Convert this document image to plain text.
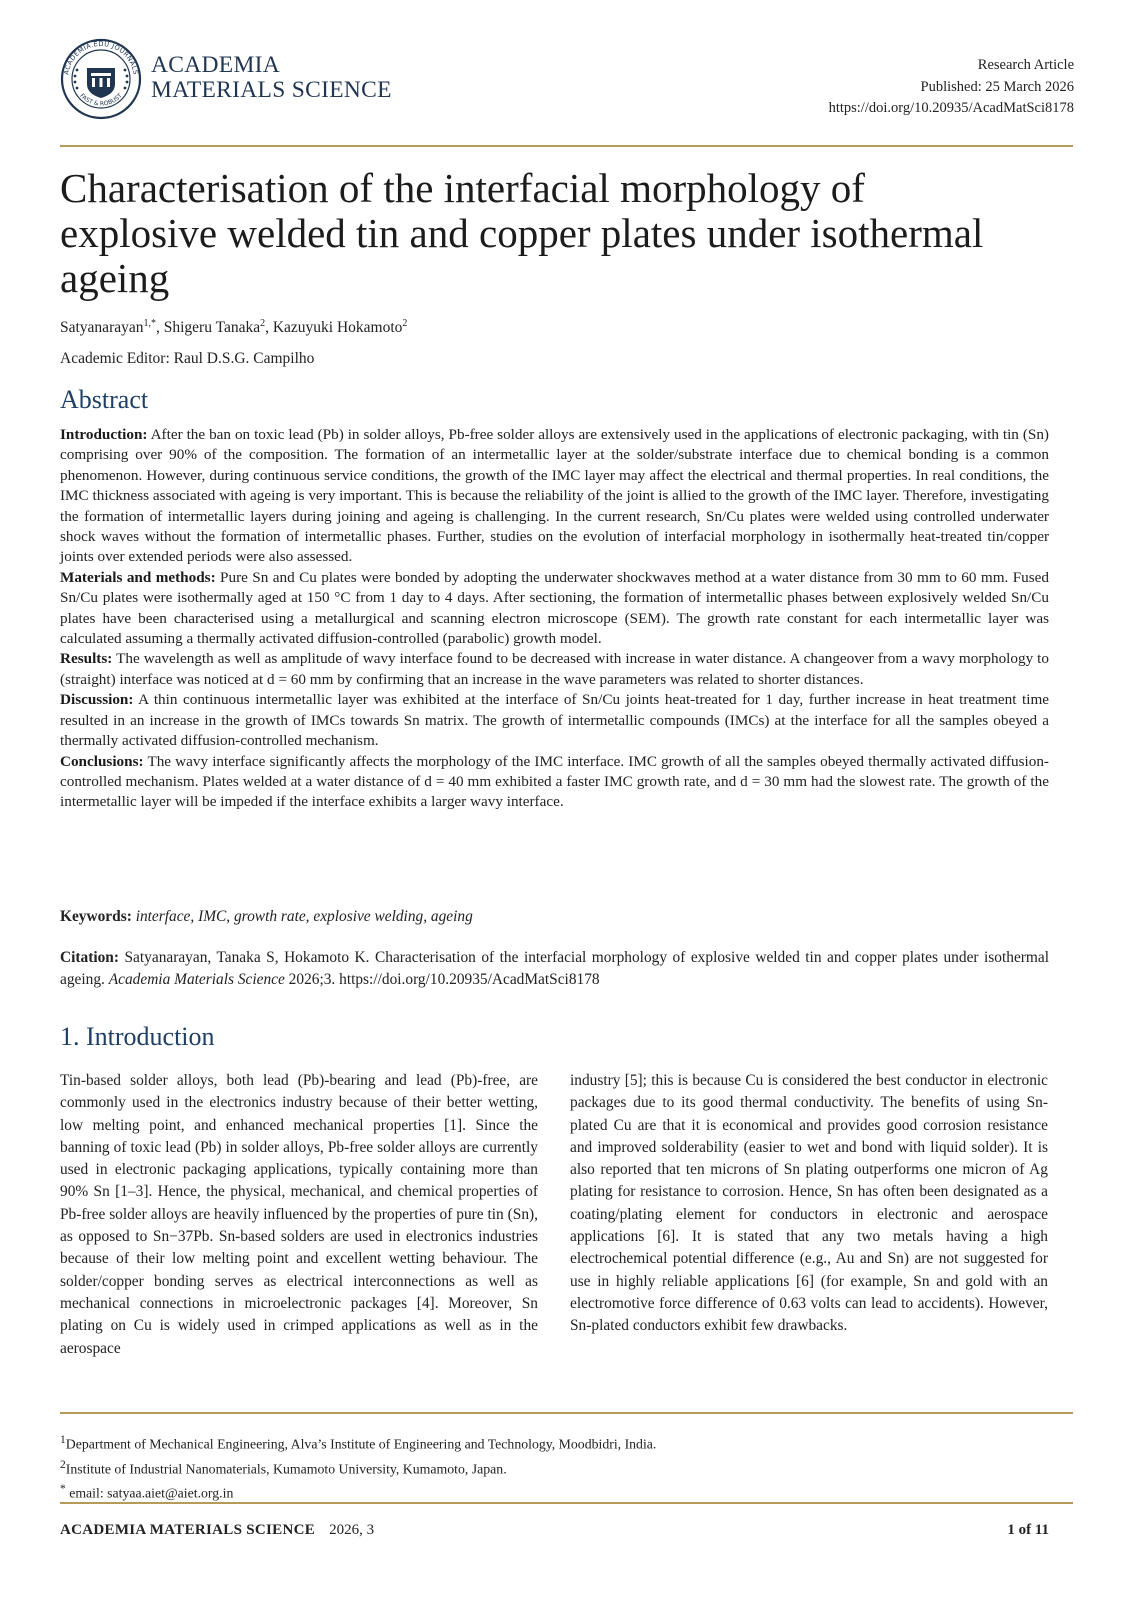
ACADEMIA.EDU JOURNALS
FAST & ROBUST
ACADEMIA
MATERIALS SCIENCE
Research Article
Published: 25 March 2026
https://doi.org/10.20935/AcadMatSci8178
Characterisation of the interfacial morphology of explosive welded tin and copper plates under isothermal ageing
Satyanarayan$^{1,*}$, Shigeru Tanaka$^2$, Kazuyuki Hokamoto$^2$
Academic Editor: Raul D.S.G. Campilho
Abstract

Introduction: After the ban on toxic lead (Pb) in solder alloys, Pb-free solder alloys are extensively used in the applications of electronic packaging, with tin (Sn) comprising over 90% of the composition. The formation of an intermetallic layer at the solder/substrate interface due to chemical bonding is a common phenomenon. However, during continuous service conditions, the growth of the IMC layer may affect the electrical and thermal properties. In real conditions, the IMC thickness associated with ageing is very important. This is because the reliability of the joint is allied to the growth of the IMC layer. Therefore, investigating the formation of intermetallic layers during joining and ageing is challenging. In the current research, Sn/Cu plates were welded using controlled underwater shock waves without the formation of intermetallic phases. Further, studies on the evolution of interfacial morphology in isothermally heat-treated tin/copper joints over extended periods were also assessed.

Materials and methods: Pure Sn and Cu plates were bonded by adopting the underwater shockwaves method at a water distance from 30 mm to 60 mm. Fused Sn/Cu plates were isothermally aged at 150 °C from 1 day to 4 days. After sectioning, the formation of intermetallic phases between explosively welded Sn/Cu plates have been characterised using a metallurgical and scanning electron microscope (SEM). The growth rate constant for each intermetallic layer was calculated assuming a thermally activated diffusion-controlled (parabolic) growth model.

Results: The wavelength as well as amplitude of wavy interface found to be decreased with increase in water distance. A changeover from a wavy morphology to (straight) interface was noticed at d = 60 mm by confirming that an increase in the wave parameters was related to shorter distances.

Discussion: A thin continuous intermetallic layer was exhibited at the interface of Sn/Cu joints heat-treated for 1 day, further increase in heat treatment time resulted in an increase in the growth of IMCs towards Sn matrix. The growth of intermetallic compounds (IMCs) at the interface for all the samples obeyed a thermally activated diffusion-controlled mechanism.

Conclusions: The wavy interface significantly affects the morphology of the IMC interface. IMC growth of all the samples obeyed thermally activated diffusion-controlled mechanism. Plates welded at a water distance of d = 40 mm exhibited a faster IMC growth rate, and d = 30 mm had the slowest rate. The growth of the intermetallic layer will be impeded if the interface exhibits a larger wavy interface.

Keywords: interface, IMC, growth rate, explosive welding, ageing
Citation: Satyanarayan, Tanaka S, Hokamoto K. Characterisation of the interfacial morphology of explosive welded tin and copper plates under isothermal ageing. Academia Materials Science 2026;3. https://doi.org/10.20935/AcadMatSci8178
1. Introduction
Tin-based solder alloys, both lead (Pb)-bearing and lead (Pb)-free, are commonly used in the electronics industry because of their better wetting, low melting point, and enhanced mechanical properties [1]. Since the banning of toxic lead (Pb) in solder alloys, Pb-free solder alloys are currently used in electronic packaging applications, typically containing more than 90% Sn [1–3]. Hence, the physical, mechanical, and chemical properties of Pb-free solder alloys are heavily influenced by the properties of pure tin (Sn), as opposed to Sn−37Pb. Sn-based solders are used in electronics industries because of their low melting point and excellent wetting behaviour. The solder/copper bonding serves as electrical interconnections as well as mechanical connections in microelectronic packages [4]. Moreover, Sn plating on Cu is widely used in crimped applications as well as in the aerospace
industry [5]; this is because Cu is considered the best conductor in electronic packages due to its good thermal conductivity. The benefits of using Sn-plated Cu are that it is economical and provides good corrosion resistance and improved solderability (easier to wet and bond with liquid solder). It is also reported that ten microns of Sn plating outperforms one micron of Ag plating for resistance to corrosion. Hence, Sn has often been designated as a coating/plating element for conductors in electronic and aerospace applications [6]. It is stated that any two metals having a high electrochemical potential difference (e.g., Au and Sn) are not suggested for use in highly reliable applications [6] (for example, Sn and gold with an electromotive force difference of 0.63 volts can lead to accidents). However, Sn-plated conductors exhibit few drawbacks.
$^1$Department of Mechanical Engineering, Alva’s Institute of Engineering and Technology, Moodbidri, India.
$^2$Institute of Industrial Nanomaterials, Kumamoto University, Kumamoto, Japan.
* email: satyaa.aiet@aiet.org.in
ACADEMIA MATERIALS SCIENCE 2026, 3	1 of 11
